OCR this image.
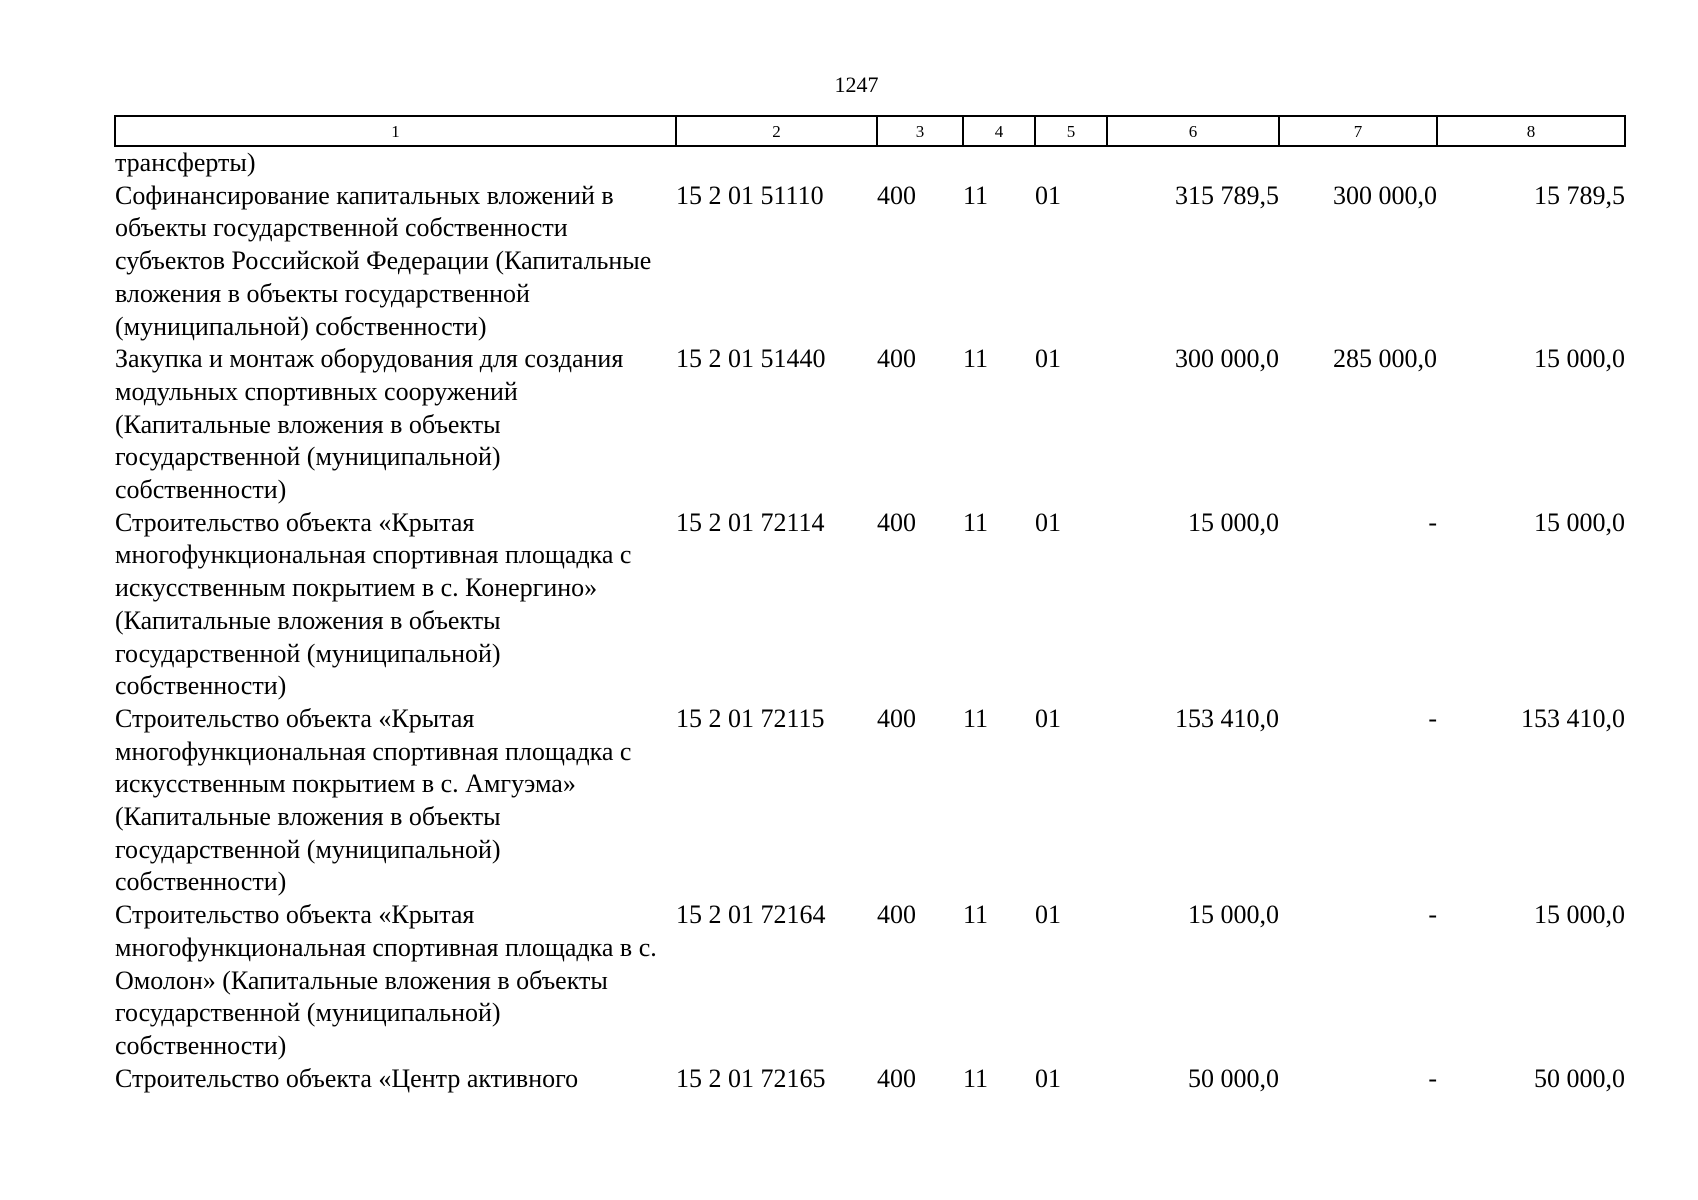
1247
1	2	3	4	5	6	7	8
трансферты)							
Софинансирование капитальных вложений в объекты государственной собственности субъектов Российской Федерации (Капитальные вложения в объекты государственной (муниципальной) собственности)	15 2 01 51110	400	11	01	315 789,5	300 000,0	15 789,5
Закупка и монтаж оборудования для создания модульных спортивных сооружений (Капитальные вложения в объекты государственной (муниципальной) собственности)	15 2 01 51440	400	11	01	300 000,0	285 000,0	15 000,0
Строительство объекта «Крытая многофункциональная спортивная площадка с искусственным покрытием в с. Конергино» (Капитальные вложения в объекты государственной (муниципальной) собственности)	15 2 01 72114	400	11	01	15 000,0	-	15 000,0
Строительство объекта «Крытая многофункциональная спортивная площадка с искусственным покрытием в с. Амгуэма» (Капитальные вложения в объекты государственной (муниципальной) собственности)	15 2 01 72115	400	11	01	153 410,0	-	153 410,0
Строительство объекта «Крытая многофункциональная спортивная площадка в с. Омолон» (Капитальные вложения в объекты государственной (муниципальной) собственности)	15 2 01 72164	400	11	01	15 000,0	-	15 000,0
Строительство объекта «Центр активного	15 2 01 72165	400	11	01	50 000,0	-	50 000,0
